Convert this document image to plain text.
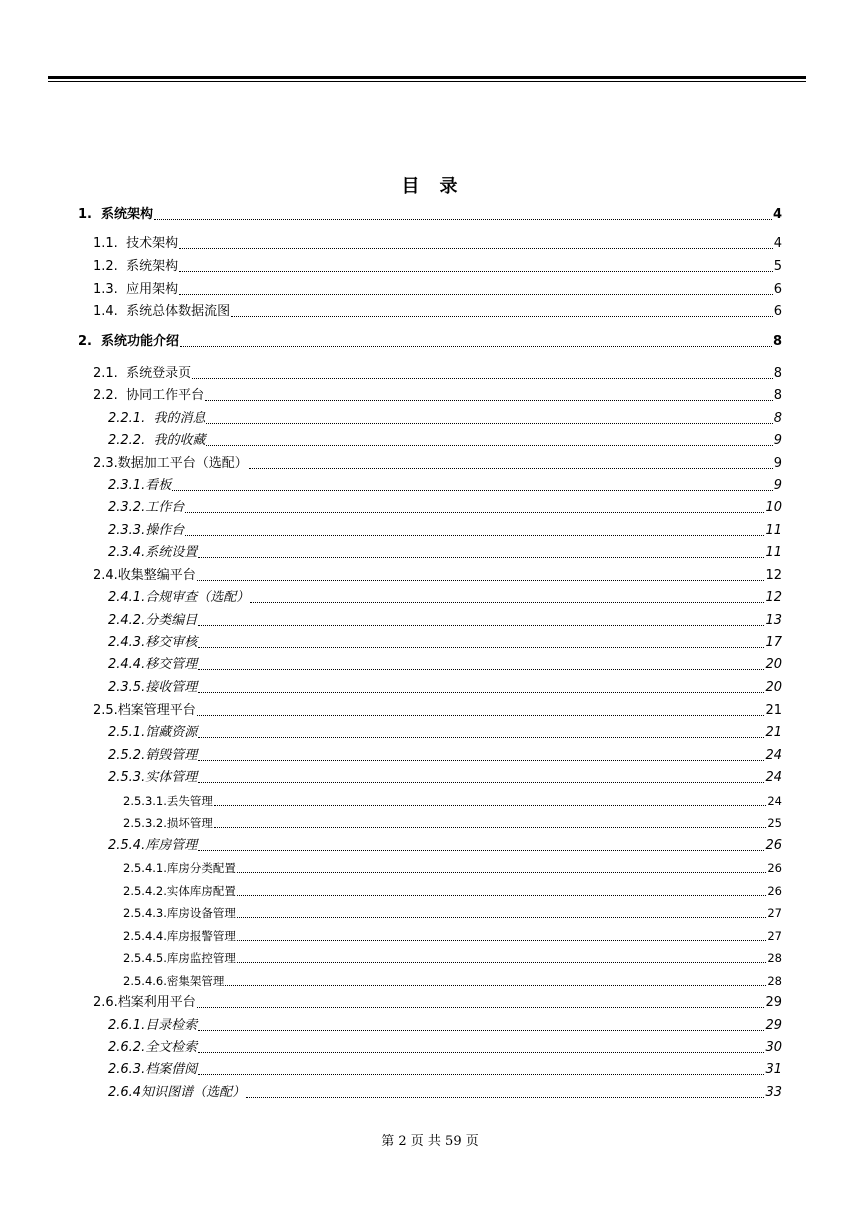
目　录
1.  系统架构	4
1.1.  技术架构	4
1.2.  系统架构	5
1.3.  应用架构	6
1.4.  系统总体数据流图	6
2.  系统功能介绍	8
2.1.  系统登录页	8
2.2.  协同工作平台	8
2.2.1.  我的消息	8
2.2.2.  我的收藏	9
2.3.数据加工平台（选配）	9
2.3.1.看板	9
2.3.2.工作台	10
2.3.3.操作台	11
2.3.4.系统设置	11
2.4.收集整编平台	12
2.4.1.合规审查（选配）	12
2.4.2.分类编目	13
2.4.3.移交审核	17
2.4.4.移交管理	20
2.3.5.接收管理	20
2.5.档案管理平台	21
2.5.1.馆藏资源	21
2.5.2.销毁管理	24
2.5.3.实体管理	24
2.5.3.1.丢失管理	24
2.5.3.2.损坏管理	25
2.5.4.库房管理	26
2.5.4.1.库房分类配置	26
2.5.4.2.实体库房配置	26
2.5.4.3.库房设备管理	27
2.5.4.4.库房报警管理	27
2.5.4.5.库房监控管理	28
2.5.4.6.密集架管理	28
2.6.档案利用平台	29
2.6.1.目录检索	29
2.6.2.全文检索	30
2.6.3.档案借阅	31
2.6.4知识图谱（选配）	33
第 2 页 共 59 页
